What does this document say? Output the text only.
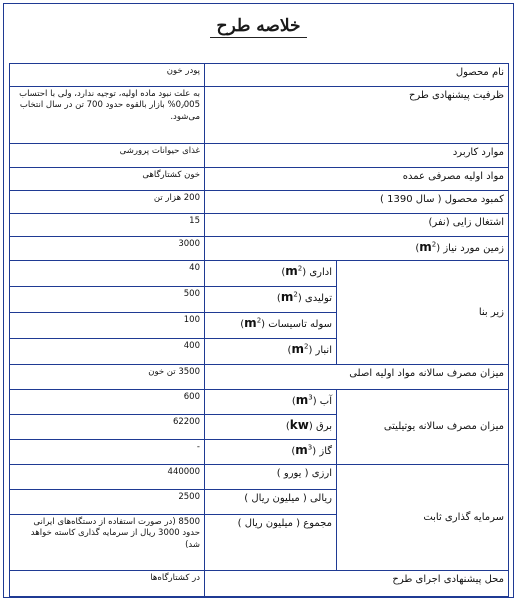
خلاصه طرح
پودر خون	نام محصول	
به علت نبود ماده اولیه، توجیه ندارد، ولی با احتساب 0٫005% بازار بالقوه حدود 700 تن در سال انتخاب می‌شود.	ظرفیت پیشنهادی طرح	
غذای حیوانات پرورشی	موارد کاربرد	
خون کشتارگاهی	مواد اولیه مصرفی عمده	
200 هزار تن	کمبود محصول ( سال 1390 )	
15	اشتغال زایی (نفر)	
3000	زمین مورد نیاز $(m^2)$	
40	اداری $(m^2)$	زیر بنا
500	تولیدی $(m^2)$	
100	سوله تاسیسات $(m^2)$	
400	انبار $(m^2)$	
3500 تن خون	میزان مصرف سالانه مواد اولیه اصلی	
600	آب $(m^3)$	میزان مصرف سالانه یوتیلیتی
62200	برق (kw)	
-	گاز $(m^3)$	
440000	ارزی ( یورو )	سرمایه گذاری ثابت
2500	ریالی ( میلیون ریال )	
8500 (در صورت استفاده از دستگاه‌های ایرانی حدود 3000 ریال از سرمایه گذاری کاسته خواهد شد)	مجموع ( میلیون ریال )	
در کشتارگاه‌ها	محل پیشنهادی اجرای طرح	
